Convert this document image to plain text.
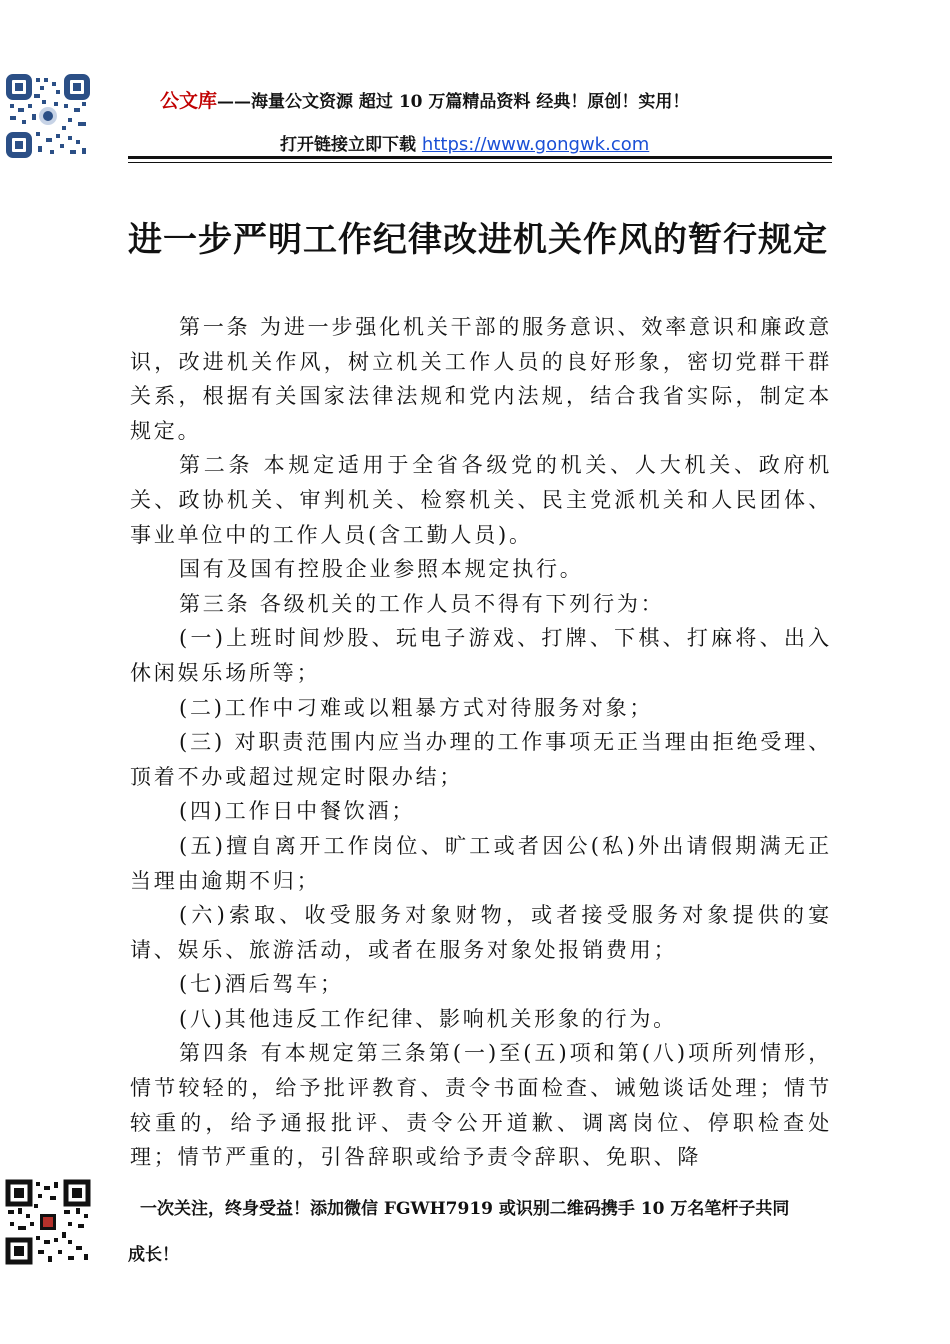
公文库——海量公文资源 超过 10 万篇精品资料 经典！原创！实用！
打开链接立即下载 https://www.gongwk.com
进一步严明工作纪律改进机关作风的暂行规定

第一条 为进一步强化机关干部的服务意识、效率意识和廉政意识，改进机关作风，树立机关工作人员的良好形象，密切党群干群关系，根据有关国家法律法规和党内法规，结合我省实际，制定本规定。

第二条 本规定适用于全省各级党的机关、人大机关、政府机关、政协机关、审判机关、检察机关、民主党派机关和人民团体、事业单位中的工作人员(含工勤人员)。

国有及国有控股企业参照本规定执行。

第三条 各级机关的工作人员不得有下列行为：

(一)上班时间炒股、玩电子游戏、打牌、下棋、打麻将、出入休闲娱乐场所等；

(二)工作中刁难或以粗暴方式对待服务对象；

(三) 对职责范围内应当办理的工作事项无正当理由拒绝受理、顶着不办或超过规定时限办结；

(四)工作日中餐饮酒；

(五)擅自离开工作岗位、旷工或者因公(私)外出请假期满无正当理由逾期不归；

(六)索取、收受服务对象财物，或者接受服务对象提供的宴请、娱乐、旅游活动，或者在服务对象处报销费用；

(七)酒后驾车；

(八)其他违反工作纪律、影响机关形象的行为。

第四条 有本规定第三条第(一)至(五)项和第(八)项所列情形，情节较轻的，给予批评教育、责令书面检查、诫勉谈话处理；情节较重的，给予通报批评、责令公开道歉、调离岗位、停职检查处理；情节严重的，引咎辞职或给予责令辞职、免职、降

一次关注，终身受益！添加微信 FGWH7919 或识别二维码携手 10 万名笔杆子共同
成长！
